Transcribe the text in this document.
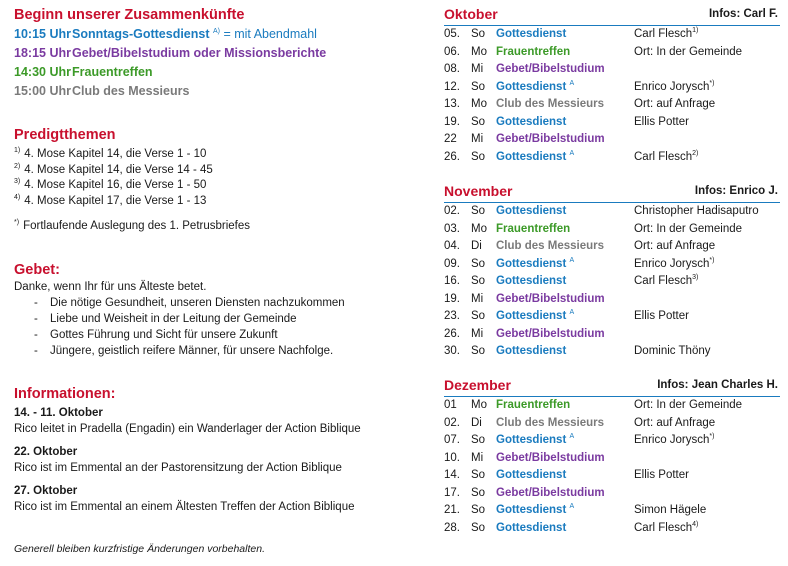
Beginn unserer Zusammenkünfte
10:15 UhrSonntags-Gottesdienst $^{A)}$ = mit Abendmahl
18:15 UhrGebet/Bibelstudium oder Missionsberichte
14:30 UhrFrauentreffen
15:00 UhrClub des Messieurs
Predigtthemen
$^{1)}$ 4. Mose Kapitel 14, die Verse 1 - 10
$^{2)}$ 4. Mose Kapitel 14, die Verse 14 - 45
$^{3)}$ 4. Mose Kapitel 16, die Verse 1 - 50
$^{4)}$ 4. Mose Kapitel 17, die Verse 1 - 13
*) Fortlaufende Auslegung des 1. Petrusbriefes
Gebet:
Danke, wenn Ihr für uns Älteste betet.
- Die nötige Gesundheit, unseren Diensten nachzukommen
- Liebe und Weisheit in der Leitung der Gemeinde
- Gottes Führung und Sicht für unsere Zukunft
- Jüngere, geistlich reifere Männer, für unsere Nachfolge.
Informationen:
14. - 11. Oktober
Rico leitet in Pradella (Engadin) ein Wanderlager der Action Biblique
22. Oktober
Rico ist im Emmental an der Pastorensitzung der Action Biblique
27. Oktober
Rico ist im Emmental an einem Ältesten Treffen der Action Biblique
Generell bleiben kurzfristige Änderungen vorbehalten.
Oktober	Infos: Carl F.
05. So Gottesdienst	Carl Flesch$^{1)}$
06. Mo Frauentreffen	Ort: In der Gemeinde
08. Mi Gebet/Bibelstudium
12. So Gottesdienst $^A$	Enrico Jorysch*)
13. Mo Club des Messieurs	Ort: auf Anfrage
19. So Gottesdienst	Ellis Potter
22 Mi Gebet/Bibelstudium
26. So Gottesdienst $^A$	Carl Flesch$^{2)}$
November	Infos: Enrico J.
02. So Gottesdienst	Christopher Hadisaputro
03. Mo Frauentreffen	Ort: In der Gemeinde
04. Di Club des Messieurs	Ort: auf Anfrage
09. So Gottesdienst $^A$	Enrico Jorysch*)
16. So Gottesdienst	Carl Flesch$^{3)}$
19. Mi Gebet/Bibelstudium
23. So Gottesdienst $^A$	Ellis Potter
26. Mi Gebet/Bibelstudium
30. So Gottesdienst	Dominic Thöny
Dezember	Infos: Jean Charles H.
01 Mo Frauentreffen	Ort: In der Gemeinde
02. Di Club des Messieurs	Ort: auf Anfrage
07. So Gottesdienst $^A$	Enrico Jorysch*)
10. Mi Gebet/Bibelstudium
14. So Gottesdienst	Ellis Potter
17. So Gebet/Bibelstudium
21. So Gottesdienst $^A$	Simon Hägele
28. So Gottesdienst	Carl Flesch$^{4)}$
